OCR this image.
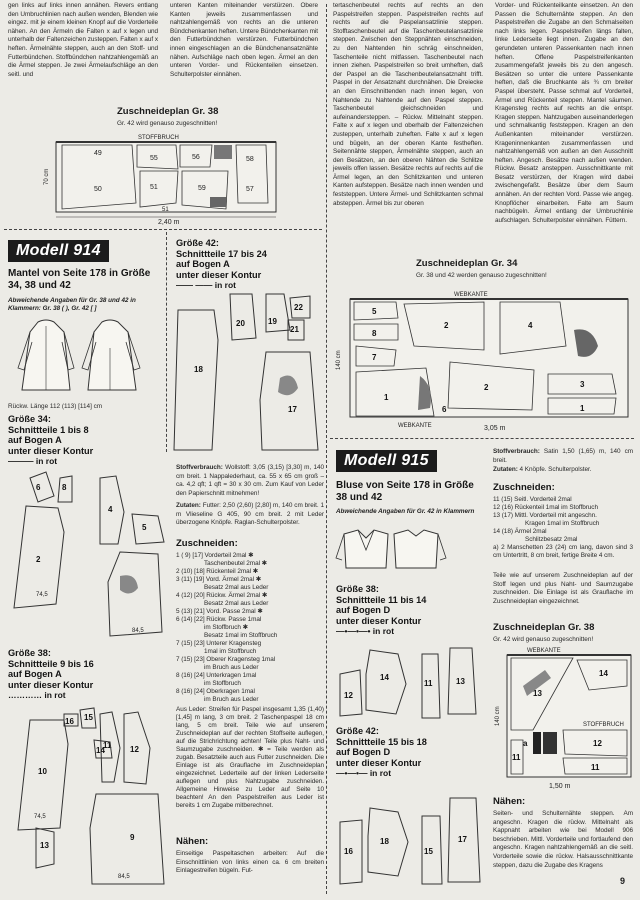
gen links auf links innen annähen. Revers entlang den Umbruchlinien nach außen wenden, Blenden wie eingez. mit je einem kleinen Knopf auf die Vorderteile nähen. An den Ärmeln die Falten x auf x legen und unterhalb der Faltenzeichen zusteppen. Falten x auf x heften. Ärmelnähte steppen, auch an den Stoff- und Futterbündchen. Stoffbündchen nahtzahlengemäß an die Ärmel steppen. Je zwei Ärmelaufschläge an den seitl. und
unteren Kanten miteinander verstürzen. Obere Kanten jeweils zusammenfassen und nahtzahlengemäß von rechts an die unteren Bündchenkanten heften. Untere Bündchenkanten mit den Futterbündchen verstürzen. Futterbündchen innen eingeschlagen an die Bündchenansatznähte nähen. Aufschläge nach oben legen. Ärmel an den unteren Vorder- und Rückenteilen einsetzen. Schulterpolster einnähen.
tertaschenbeutel rechts auf rechts an den Paspelstreifen steppen. Paspelstreifen rechts auf rechts auf die Paspelansatzlinie steppen. Stofftaschenbeutel auf die Taschenbeutelansatzlinie steppen. Zwischen den Steppnähten einschneiden, zu den Nahtenden hin schräg einschneiden, Taschenteile nicht mitfassen. Taschenbeutel nach innen ziehen. Paspelstreifen so breit umheften, daß der Paspel an die Taschenbeutelansatznaht trifft. Paspel in der Ansatznaht durchnähen. Die Dreiecke an den Einschnittenden nach innen legen, von Nahtende zu Nahtende auf den Paspel steppen. Taschenbeutel gleichschneiden und aufeinandersteppen. – Rückw. Mittelnaht steppen. Falte x auf x legen und oberhalb der Faltenzeichen zusteppen, unterhalb zuheften. Falte x auf x legen und bügeln, an der oberen Kante festheften. Seitennähte steppen, Ärmelnähte steppen, auch an den Besätzen, an den oberen Nähten die Schlitze jeweils offen lassen. Besätze rechts auf rechts auf die Ärmel legen, an den Schlitzkanten und unteren Kanten aufsteppen. Besätze nach innen wenden und feststeppen. Untere Ärmel- und Schlitzkanten schmal absteppen. Ärmel bis zur oberen
Vorder- und Rückenteilkante einsetzen. An den Passen die Schulternähte steppen. An den Paspelstreifen die Zugabe an den Schmalseiten nach links legen. Paspelstreifen längs falten, linke Lederseite liegt innen. Zugabe an den gerundeten unteren Passenkanten nach innen heften. Offene Paspelstreifenkanten zusammengefaßt jeweils bis zu den angesch. Besätzen so unter die untere Passenkante heften, daß die Bruchkante als ¾ cm breiter Paspel übersteht. Passe schmal auf Vorderteil, Ärmel und Rückenteil steppen. Mantel säumen. Kragensteg rechts auf rechts an die entspr. Kragen steppen. Nahtzugaben auseinanderlegen und schmalkantig feststeppen. Kragen an den Außenkanten miteinander verstürzen. Krageninnenkanten zusammenfassen und nahtzahlengemäß von außen an den Ausschnitt heften. Angesch. Besätze nach außen wenden. Rückw. Besatz ansteppen. Ausschnittkante mit Besatz verstürzen, der Kragen wird dabei zwischengefaßt. Besätze über dem Saum annähen. An der rechten Vord. Passe wie angeg. Knopflöcher einarbeiten. Falte am Saum nachbügeln. Ärmel entlang der Umbruchlinie aufschlagen. Schulterpolster einnähen. Füttern.
Zuschneideplan Gr. 38
Gr. 42 wird genauso zugeschnitten!
STOFFBRUCH
49
50
55	56	58
57
51	59
51
2,40 m
70 cm
Modell 914
Mantel von Seite 178 in Größe 34, 38 und 42
Abweichende Angaben für Gr. 38 und 42 in Klammern: Gr. 38 ( ), Gr. 42 [ ]
Rückw. Länge 112 (113) [114] cm
Größe 34:
Schnittteile 1 bis 8
auf Bogen A
unter dieser Kontur
——— in rot
6	8
4
5
2
74,5
84,5
Größe 38:
Schnittteile 9 bis 16
auf Bogen A
unter dieser Kontur
………… in rot
15
16
11 12
10
74,5
14
9
84,5
13
Größe 42:
Schnittteile 17 bis 24
auf Bogen A
unter dieser Kontur
—— —— in rot
20	19
22
21
18
17
Stoffverbrauch: Wollstoff: 3,05 (3,15) [3,30] m, 140 cm breit. 1 Nappalederhaut, ca. 55 x 65 cm groß – ca. 4,2 qft; 1 qft = 30 x 30 cm. Zum Kauf von Leder den Papierschnitt mitnehmen!
Zutaten: Futter: 2,50 (2,60) [2,80] m, 140 cm breit. 1 m Vlieseline G 405, 90 cm breit. 2 mit Leder überzogene Knöpfe. Raglan-Schulterpolster.
Zuschneiden:
1 ( 9) [17] Vorderteil 2mal ✱
Taschenbeutel 2mal ✱
2 (10) [18] Rückenteil 2mal ✱
3 (11) [19] Vord. Ärmel 2mal ✱
Besatz 2mal aus Leder
4 (12) [20] Rückw. Ärmel 2mal ✱
Besatz 2mal aus Leder
5 (13) [21] Vord. Passe 2mal ✱
6 (14) [22] Rückw. Passe 1mal
im Stoffbruch ✱
Besatz 1mal im Stoffbruch
7 (15) [23] Unterer Kragensteg
1mal im Stoffbruch
7 (15) [23] Oberer Kragensteg 1mal
im Bruch aus Leder
8 (16) [24] Unterkragen 1mal
im Stoffbruch
8 (16) [24] Oberkragen 1mal
im Bruch aus Leder
Aus Leder: Streifen für Paspel insgesamt 1,35 (1,40) [1,45] m lang, 3 cm breit. 2 Taschenpaspel 18 cm lang, 5 cm breit. Teile wie auf unserem Zuschneideplan auf der rechten Stoffseite auflegen, auf die Strichrichtung achten! Teile plus Naht- und Saumzugabe zuschneiden. ✱ = Teile werden als zugab. Besatzteile auch aus Futter zuschneiden. Die Einlage ist als Grauflache im Zuschneideplan eingezeichnet. Lederteile auf der linken Lederseite auflegen und plus Nahtzugabe zuschneiden. Allgemeine Hinweise zu Leder auf Seite 10 beachten! An den Paspelstreifen aus Leder ist bereits 1 cm Zugabe mitberechnet.
Nähen:
Einseitige Paspeltaschen arbeiten: Auf die Einschnittlinien von links einen ca. 6 cm breiten Einlagestreifen bügeln. Fut-
Zuschneideplan Gr. 34
Gr. 38 und 42 werden genauso zugeschnitten!
WEBKANTE
5
8
7
2	4
1
2
6
3
1
WEBKANTE	3,05 m
140 cm
Modell 915
Bluse von Seite 178 in Größe 38 und 42
Abweichende Angaben für Gr. 42 in Klammern
Größe 38:
Schnittteile 11 bis 14
auf Bogen D
unter dieser Kontur
—•—•—• in rot
12
14
11	13
Größe 42:
Schnittteile 15 bis 18
auf Bogen D
unter dieser Kontur
—•—•— in rot
16
18
15
17
Stoffverbrauch: Satin 1,50 (1,65) m, 140 cm breit.
Zutaten: 4 Knöpfe. Schulterpolster.
Zuschneiden:
11 (15) Seitl. Vorderteil 2mal
12 (16) Rückenteil 1mal im Stoffbruch
13 (17) Mittl. Vorderteil mit angeschn.
Kragen 1mal im Stoffbruch
14 (18) Ärmel 2mal
Schlitzbesatz 2mal
a) 2 Manschetten 23 (24) cm lang, davon sind 3 cm Untertritt, 8 cm breit, fertige Breite 4 cm.
Teile wie auf unserem Zuschneideplan auf der Stoff legen und plus Naht- und Saumzugabe zuschneiden. Die Einlage ist als Grauflache im Zuschneideplan eingezeichnet.
Zuschneideplan Gr. 38
Gr. 42 wird genauso zugeschnitten!
WEBKANTE
13
14
STOFFBRUCH
a
11
12
11
1,50 m
140 cm
Nähen:
Seiten- und Schulternähte steppen. Am angeschn. Kragen die rückw. Mittelnaht als Kappnaht arbeiten wie bei Modell 906 beschrieben. Mittl. Vorderteile und fortlaufend den angeschn. Kragen nahtzahlengemäß an die seitl. Vorderteile sowie die rückw. Halsausschnittkante steppen, dazu die Zugabe des Kragens
9
